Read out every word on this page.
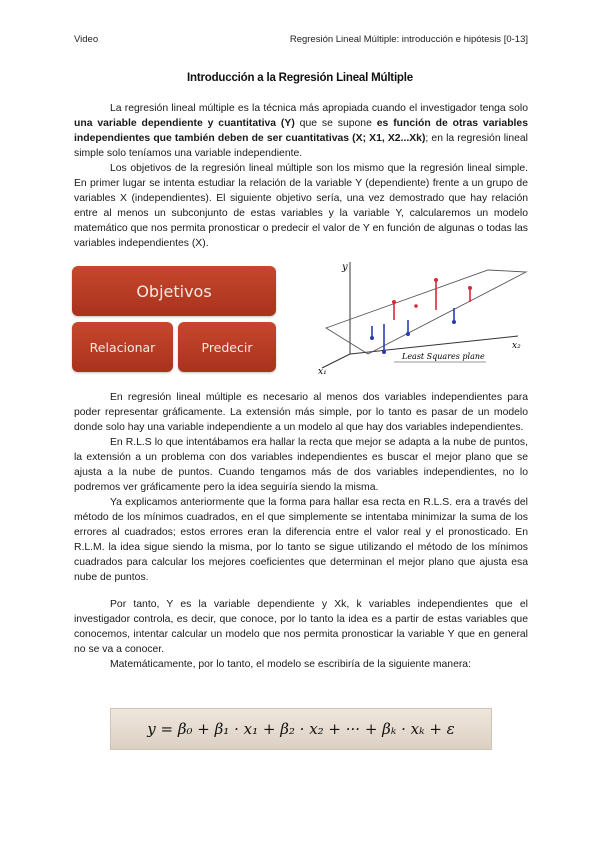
Video	Regresión Lineal Múltiple: introducción e hipótesis [0-13]
Introducción a la Regresión Lineal Múltiple

La regresión lineal múltiple es la técnica más apropiada cuando el investigador tenga solo una variable dependiente y cuantitativa (Y) que se supone es función de otras variables independientes que también deben de ser cuantitativas (X; X1, X2...Xk); en la regresión lineal simple solo teníamos una variable independiente.

Los objetivos de la regresión lineal múltiple son los mismo que la regresión lineal simple. En primer lugar se intenta estudiar la relación de la variable Y (dependiente) frente a un grupo de variables X (independientes). El siguiente objetivo sería, una vez demostrado que hay relación entre al menos un subconjunto de estas variables y la variable Y, calcularemos un modelo matemático que nos permita pronosticar o predecir el valor de Y en función de algunas o todas las variables independientes (X).

Objetivos
Relacionar	Predecir
y
x₂
x₁
Least Squares plane

En regresión lineal múltiple es necesario al menos dos variables independientes para poder representar gráficamente. La extensión más simple, por lo tanto es pasar de un modelo donde solo hay una variable independiente a un modelo al que hay dos variables independientes.

En R.L.S lo que intentábamos era hallar la recta que mejor se adapta a la nube de puntos, la extensión a un problema con dos variables independientes es buscar el mejor plano que se ajusta a la nube de puntos. Cuando tengamos más de dos variables independientes, no lo podremos ver gráficamente pero la idea seguiría siendo la misma.

Ya explicamos anteriormente que la forma para hallar esa recta en R.L.S. era a través del método de los mínimos cuadrados, en el que simplemente se intentaba minimizar la suma de los errores al cuadrados; estos errores eran la diferencia entre el valor real y el pronosticado. En R.L.M. la idea sigue siendo la misma, por lo tanto se sigue utilizando el método de los mínimos cuadrados para calcular los mejores coeficientes que determinan el mejor plano que ajusta esa nube de puntos.

Por tanto, Y es la variable dependiente y Xk, k variables independientes que el investigador controla, es decir, que conoce, por lo tanto la idea es a partir de estas variables que conocemos, intentar calcular un modelo que nos permita pronosticar la variable Y que en general no se va a conocer.

Matemáticamente, por lo tanto, el modelo se escribiría de la siguiente manera:

y = β₀ + β₁ · x₁ + β₂ · x₂ + ··· + βₖ · xₖ + ε
